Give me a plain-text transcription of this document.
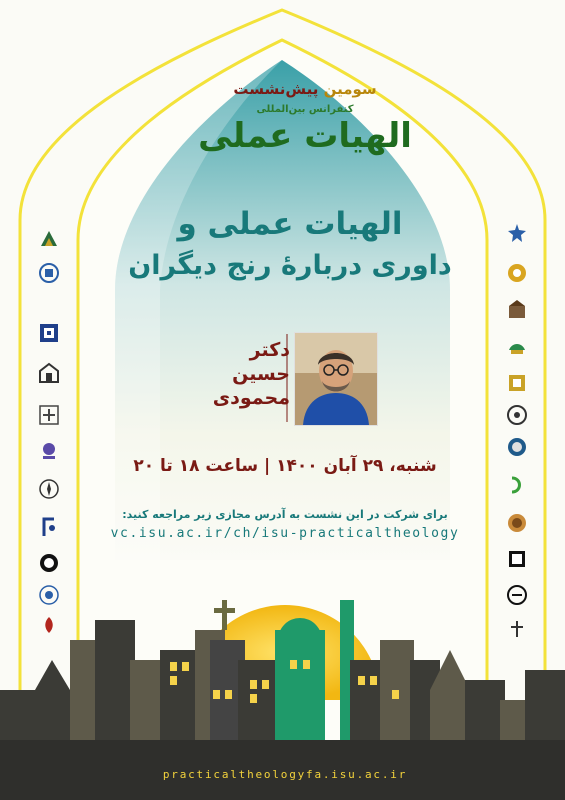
سومین پیش‌نشست
کنفرانس بین‌المللی
الهیات عملی
الهیات عملی و
داوری دربارهٔ رنج دیگران
دکتر
حسین
محمودی
شنبه، ۲۹ آبان ۱۴۰۰ | ساعت ۱۸ تا ۲۰
برای شرکت در این نشست به آدرس مجازی زیر مراجعه کنید:
vc.isu.ac.ir/ch/isu-practicaltheology
practicaltheologyfa.isu.ac.ir
